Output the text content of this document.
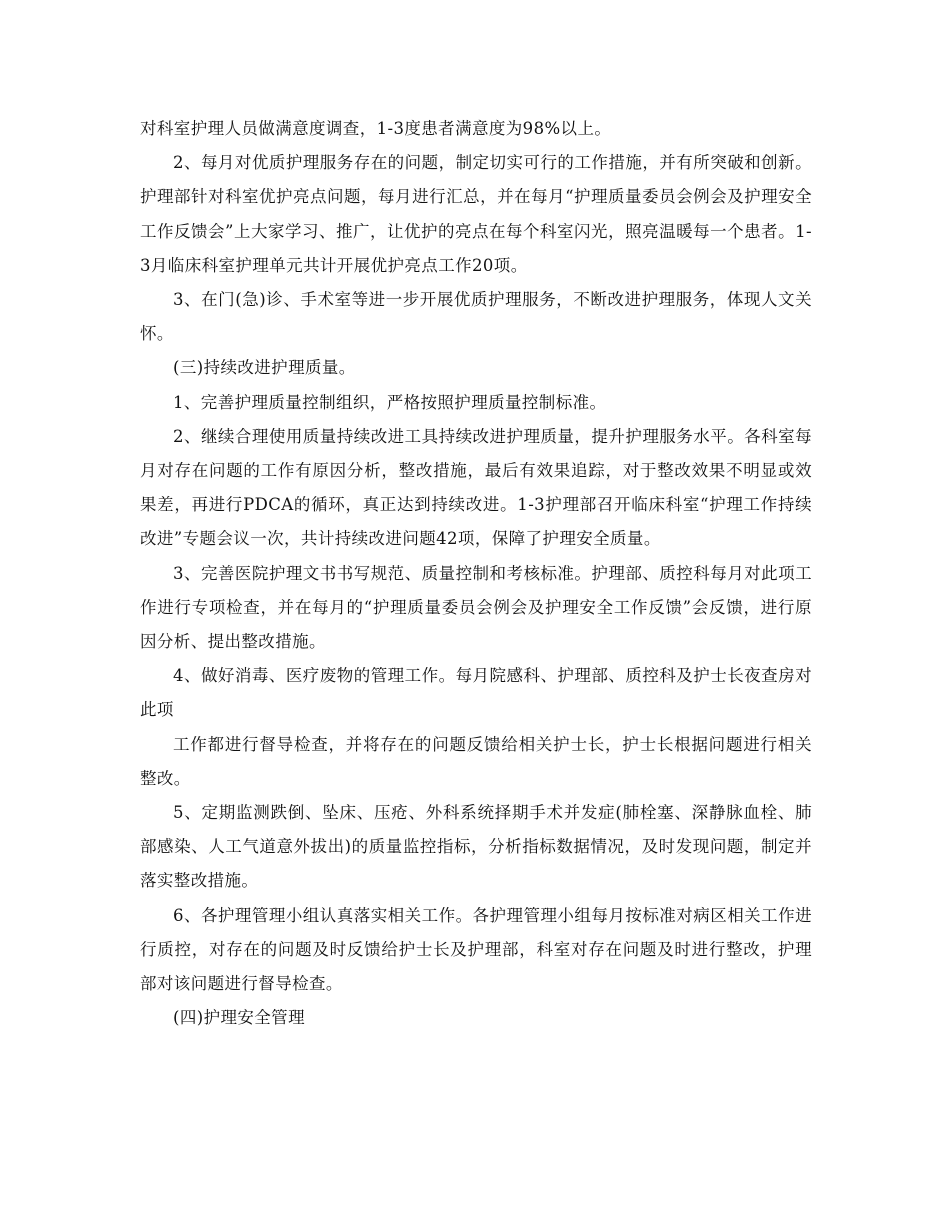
对科室护理人员做满意度调查，1-3度患者满意度为98%以上。

2、每月对优质护理服务存在的问题，制定切实可行的工作措施，并有所突破和创新。护理部针对科室优护亮点问题，每月进行汇总，并在每月“护理质量委员会例会及护理安全工作反馈会”上大家学习、推广，让优护的亮点在每个科室闪光，照亮温暖每一个患者。1-3月临床科室护理单元共计开展优护亮点工作20项。

3、在门(急)诊、手术室等进一步开展优质护理服务，不断改进护理服务，体现人文关怀。

(三)持续改进护理质量。

1、完善护理质量控制组织，严格按照护理质量控制标准。

2、继续合理使用质量持续改进工具持续改进护理质量，提升护理服务水平。各科室每月对存在问题的工作有原因分析，整改措施，最后有效果追踪，对于整改效果不明显或效果差，再进行PDCA的循环，真正达到持续改进。1-3护理部召开临床科室“护理工作持续改进”专题会议一次，共计持续改进问题42项，保障了护理安全质量。

3、完善医院护理文书书写规范、质量控制和考核标准。护理部、质控科每月对此项工作进行专项检查，并在每月的“护理质量委员会例会及护理安全工作反馈”会反馈，进行原因分析、提出整改措施。

4、做好消毒、医疗废物的管理工作。每月院感科、护理部、质控科及护士长夜查房对此项

工作都进行督导检查，并将存在的问题反馈给相关护士长，护士长根据问题进行相关整改。

5、定期监测跌倒、坠床、压疮、外科系统择期手术并发症(肺栓塞、深静脉血栓、肺部感染、人工气道意外拔出)的质量监控指标，分析指标数据情况，及时发现问题，制定并落实整改措施。

6、各护理管理小组认真落实相关工作。各护理管理小组每月按标准对病区相关工作进行质控，对存在的问题及时反馈给护士长及护理部，科室对存在问题及时进行整改，护理部对该问题进行督导检查。

(四)护理安全管理
